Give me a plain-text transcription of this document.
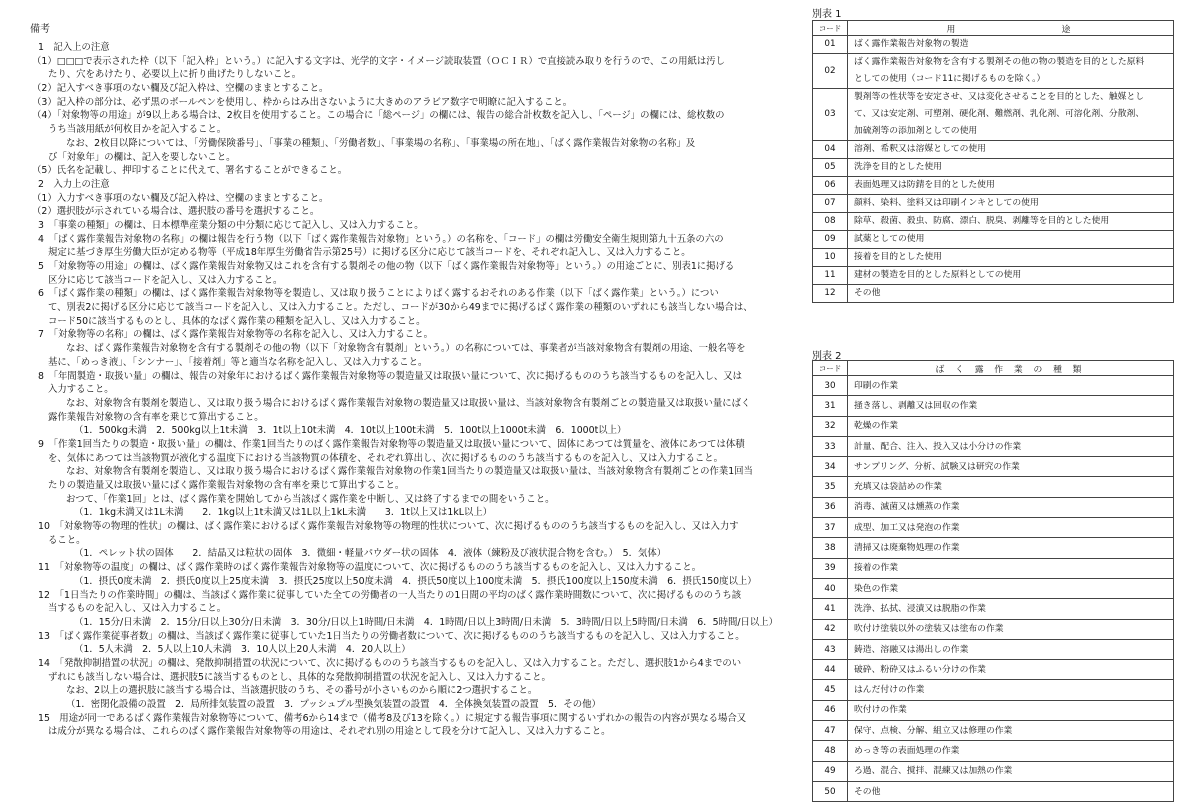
備考
1　記入上の注意
（1）□□□で表示された枠（以下「記入枠」という。）に記入する文字は、光学的文字・イメージ読取装置（ＯＣＩＲ）で直接読み取りを行うので、この用紙は汚し
たり、穴をあけたり、必要以上に折り曲げたりしないこと。
（2）記入すべき事項のない欄及び記入枠は、空欄のままとすること。
（3）記入枠の部分は、必ず黒のボールペンを使用し、枠からはみ出さないように大きめのアラビア数字で明瞭に記入すること。
（4）「対象物等の用途」が9以上ある場合は、2枚目を使用すること。この場合に「総ページ」の欄には、報告の総合計枚数を記入し、「ページ」の欄には、総枚数の
うち当該用紙が何枚目かを記入すること。
なお、2枚目以降については、「労働保険番号」、「事業の種類」、「労働者数」、「事業場の名称」、「事業場の所在地」、「ばく露作業報告対象物の名称」及
び「対象年」の欄は、記入を要しないこと。
（5）氏名を記載し、押印することに代えて、署名することができること。
2　入力上の注意
（1）入力すべき事項のない欄及び記入枠は、空欄のままとすること。
（2）選択肢が示されている場合は、選択肢の番号を選択すること。
3　「事業の種類」の欄は、日本標準産業分類の中分類に応じて記入し、又は入力すること。
4　「ばく露作業報告対象物の名称」の欄は報告を行う物（以下「ばく露作業報告対象物」という。）の名称を、「コード」の欄は労働安全衛生規則第九十五条の六の
規定に基づき厚生労働大臣が定める物等（平成18年厚生労働省告示第25号）に掲げる区分に応じて該当コードを、それぞれ記入し、又は入力すること。
5　「対象物等の用途」の欄は、ばく露作業報告対象物又はこれを含有する製剤その他の物（以下「ばく露作業報告対象物等」という。）の用途ごとに、別表1に掲げる
区分に応じて該当コードを記入し、又は入力すること。
6　「ばく露作業の種類」の欄は、ばく露作業報告対象物等を製造し、又は取り扱うことによりばく露するおそれのある作業（以下「ばく露作業」という。）につい
て、別表2に掲げる区分に応じて該当コードを記入し、又は入力すること。ただし、コードが30から49までに掲げるばく露作業の種類のいずれにも該当しない場合は、
コード50に該当するものとし、具体的なばく露作業の種類を記入し、又は入力すること。
7　「対象物等の名称」の欄は、ばく露作業報告対象物等の名称を記入し、又は入力すること。
なお、ばく露作業報告対象物を含有する製剤その他の物（以下「対象物含有製剤」という。）の名称については、事業者が当該対象物含有製剤の用途、一般名等を
基に、「めっき液」、「シンナー」、「接着剤」等と適当な名称を記入し、又は入力すること。
8　「年間製造・取扱い量」の欄は、報告の対象年におけるばく露作業報告対象物等の製造量又は取扱い量について、次に掲げるもののうち該当するものを記入し、又は
入力すること。
なお、対象物含有製剤を製造し、又は取り扱う場合におけるばく露作業報告対象物の製造量又は取扱い量は、当該対象物含有製剤ごとの製造量又は取扱い量にばく
露作業報告対象物の含有率を乗じて算出すること。
（1．500kg未満　2．500kg以上1t未満　3．1t以上10t未満　4．10t以上100t未満　5．100t以上1000t未満　6．1000t以上）
9　「作業1回当たりの製造・取扱い量」の欄は、作業1回当たりのばく露作業報告対象物等の製造量又は取扱い量について、固体にあつては質量を、液体にあつては体積
を、気体にあつては当該物質が液化する温度下における当該物質の体積を、それぞれ算出し、次に掲げるもののうち該当するものを記入し、又は入力すること。
なお、対象物含有製剤を製造し、又は取り扱う場合におけるばく露作業報告対象物の作業1回当たりの製造量又は取扱い量は、当該対象物含有製剤ごとの作業1回当
たりの製造量又は取扱い量にばく露作業報告対象物の含有率を乗じて算出すること。
おつて、「作業1回」とは、ばく露作業を開始してから当該ばく露作業を中断し、又は終了するまでの間をいうこと。
（1．1kg未満又は1L未満　　2．1kg以上1t未満又は1L以上1kL未満　　3．1t以上又は1kL以上）
10　「対象物等の物理的性状」の欄は、ばく露作業におけるばく露作業報告対象物等の物理的性状について、次に掲げるもののうち該当するものを記入し、又は入力す
ること。
（1．ペレット状の固体　　2．結晶又は粒状の固体　3．微細・軽量パウダー状の固体　4．液体（練粉及び液状混合物を含む。）　5．気体）
11　「対象物等の温度」の欄は、ばく露作業時のばく露作業報告対象物等の温度について、次に掲げるもののうち該当するものを記入し、又は入力すること。
（1．摂氏0度未満　2．摂氏0度以上25度未満　3．摂氏25度以上50度未満　4．摂氏50度以上100度未満　5．摂氏100度以上150度未満　6．摂氏150度以上）
12　「1日当たりの作業時間」の欄は、当該ばく露作業に従事していた全ての労働者の一人当たりの1日間の平均のばく露作業時間数について、次に掲げるもののうち該
当するものを記入し、又は入力すること。
（1．15分/日未満　2．15分/日以上30分/日未満　3．30分/日以上1時間/日未満　4．1時間/日以上3時間/日未満　5．3時間/日以上5時間/日未満　6．5時間/日以上）
13　「ばく露作業従事者数」の欄は、当該ばく露作業に従事していた1日当たりの労働者数について、次に掲げるもののうち該当するものを記入し、又は入力すること。
（1．5人未満　2．5人以上10人未満　3．10人以上20人未満　4．20人以上）
14　「発散抑制措置の状況」の欄は、発散抑制措置の状況について、次に掲げるもののうち該当するものを記入し、又は入力すること。ただし、選択肢1から4までのい
ずれにも該当しない場合は、選択肢5に該当するものとし、具体的な発散抑制措置の状況を記入し、又は入力すること。
なお、2以上の選択肢に該当する場合は、当該選択肢のうち、その番号が小さいものから順に2つ選択すること。
（1．密閉化設備の設置　2．局所排気装置の設置　3．プッシュプル型換気装置の設置　4．全体換気装置の設置　5．その他）
15　用途が同一であるばく露作業報告対象物等について、備考6から14まで（備考8及び13を除く。）に規定する報告事項に関するいずれかの報告の内容が異なる場合又
は成分が異なる場合は、これらのばく露作業報告対象物等の用途は、それぞれ別の用途として段を分けて記入し、又は入力すること。
別表 1
コード	用　　　　　　　　途
01	ばく露作業報告対象物の製造
02	ばく露作業報告対象物を含有する製剤その他の物の製造を目的とした原料
としての使用（コード11に掲げるものを除く。）
03	製剤等の性状等を安定させ、又は変化させることを目的とした、触媒とし
て、又は安定剤、可塑剤、硬化剤、難燃剤、乳化剤、可溶化剤、分散剤、
加硫剤等の添加剤としての使用
04	溶剤、希釈又は溶媒としての使用
05	洗浄を目的とした使用
06	表面処理又は防錆を目的とした使用
07	顔料、染料、塗料又は印刷インキとしての使用
08	除草、殺菌、殺虫、防腐、漂白、脱臭、剥離等を目的とした使用
09	試薬としての使用
10	接着を目的とした使用
11	建材の製造を目的とした原料としての使用
12	その他
別表 2
コード	ば く 露 作 業 の 種 類
30	印刷の作業
31	掻き落し、剥離又は回収の作業
32	乾燥の作業
33	計量、配合、注入、投入又は小分けの作業
34	サンプリング、分析、試験又は研究の作業
35	充填又は袋詰めの作業
36	消毒、滅菌又は燻蒸の作業
37	成型、加工又は発泡の作業
38	清掃又は廃棄物処理の作業
39	接着の作業
40	染色の作業
41	洗浄、払拭、浸漬又は脱脂の作業
42	吹付け塗装以外の塗装又は塗布の作業
43	鋳造、溶融又は湯出しの作業
44	破砕、粉砕又はふるい分けの作業
45	はんだ付けの作業
46	吹付けの作業
47	保守、点検、分解、組立又は修理の作業
48	めっき等の表面処理の作業
49	ろ過、混合、撹拌、混練又は加熱の作業
50	その他
